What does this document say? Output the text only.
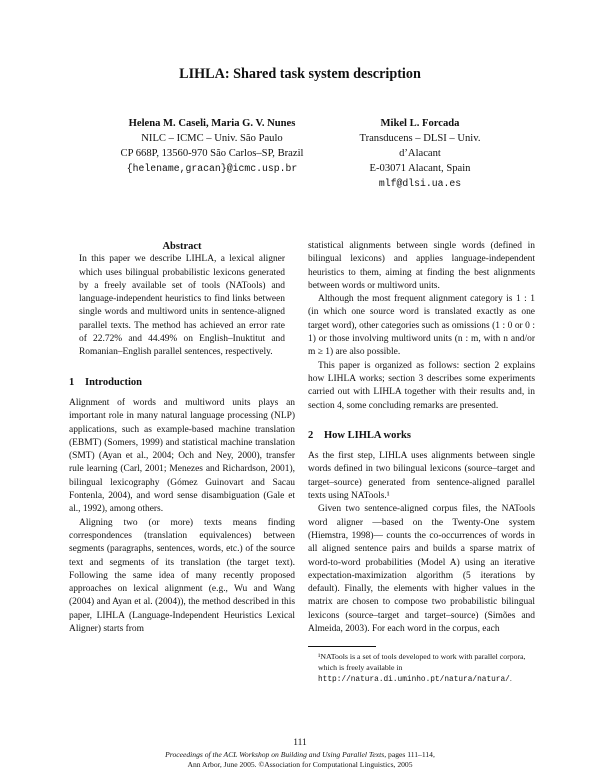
LIHLA: Shared task system description
Helena M. Caseli, Maria G. V. Nunes
NILC – ICMC – Univ. São Paulo
CP 668P, 13560-970 São Carlos–SP, Brazil
{helename,gracan}@icmc.usp.br
Mikel L. Forcada
Transducens – DLSI – Univ. d’Alacant
E-03071 Alacant, Spain
mlf@dlsi.ua.es

Abstract

In this paper we describe LIHLA, a lexical aligner which uses bilingual probabilistic lexicons generated by a freely available set of tools (NATools) and language-independent heuristics to find links between single words and multiword units in sentence-aligned parallel texts. The method has achieved an error rate of 22.72% and 44.49% on English–Inuktitut and Romanian–English parallel sentences, respectively.

1 Introduction

Alignment of words and multiword units plays an important role in many natural language processing (NLP) applications, such as example-based machine translation (EBMT) (Somers, 1999) and statistical machine translation (SMT) (Ayan et al., 2004; Och and Ney, 2000), transfer rule learning (Carl, 2001; Menezes and Richardson, 2001), bilingual lexicography (Gómez Guinovart and Sacau Fontenla, 2004), and word sense disambiguation (Gale et al., 1992), among others.

Aligning two (or more) texts means finding correspondences (translation equivalences) between segments (paragraphs, sentences, words, etc.) of the source text and segments of its translation (the target text). Following the same idea of many recently proposed approaches on lexical alignment (e.g., Wu and Wang (2004) and Ayan et al. (2004)), the method described in this paper, LIHLA (Language-Independent Heuristics Lexical Aligner) starts from

statistical alignments between single words (defined in bilingual lexicons) and applies language-independent heuristics to them, aiming at finding the best alignments between words or multiword units.

Although the most frequent alignment category is 1 : 1 (in which one source word is translated exactly as one target word), other categories such as omissions (1 : 0 or 0 : 1) or those involving multiword units (n : m, with n and/or m ≥ 1) are also possible.

This paper is organized as follows: section 2 explains how LIHLA works; section 3 describes some experiments carried out with LIHLA together with their results and, in section 4, some concluding remarks are presented.

2 How LIHLA works

As the first step, LIHLA uses alignments between single words defined in two bilingual lexicons (source–target and target–source) generated from sentence-aligned parallel texts using NATools.¹

Given two sentence-aligned corpus files, the NATools word aligner —based on the Twenty-One system (Hiemstra, 1998)— counts the co-occurrences of words in all aligned sentence pairs and builds a sparse matrix of word-to-word probabilities (Model A) using an iterative expectation-maximization algorithm (5 iterations by default). Finally, the elements with higher values in the matrix are chosen to compose two probabilistic bilingual lexicons (source–target and target–source) (Simões and Almeida, 2003). For each word in the corpus, each

¹NATools is a set of tools developed to work with parallel corpora, which is freely available in http://natura.di.uminho.pt/natura/natura/.
111
Proceedings of the ACL Workshop on Building and Using Parallel Texts, pages 111–114,
Ann Arbor, June 2005. ©Association for Computational Linguistics, 2005
